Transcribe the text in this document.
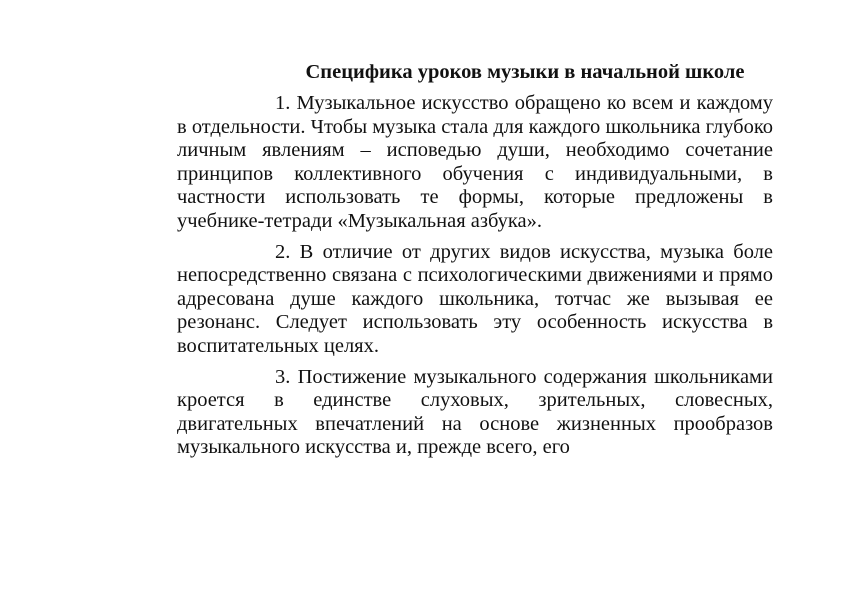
Специфика уроков музыки в начальной школе

1. Музыкальное искусство обращено ко всем и каждому в отдельности. Чтобы музыка стала для каждого школьника глубоко личным явлениям – исповедью души, необходимо сочетание принципов коллективного обучения с индивидуальными, в частности использовать те формы, которые предложены в учебнике-тетради «Музыкальная азбука».

2. В отличие от других видов искусства, музыка боле непосредственно связана с психологическими движениями и прямо адресована душе каждого школьника, тотчас же вызывая ее резонанс. Следует использовать эту особенность искусства в воспитательных целях.

3. Постижение музыкального содержания школьниками кроется в единстве слуховых, зрительных, словесных, двигательных впечатлений на основе жизненных прообразов музыкального искусства и, прежде всего, его
